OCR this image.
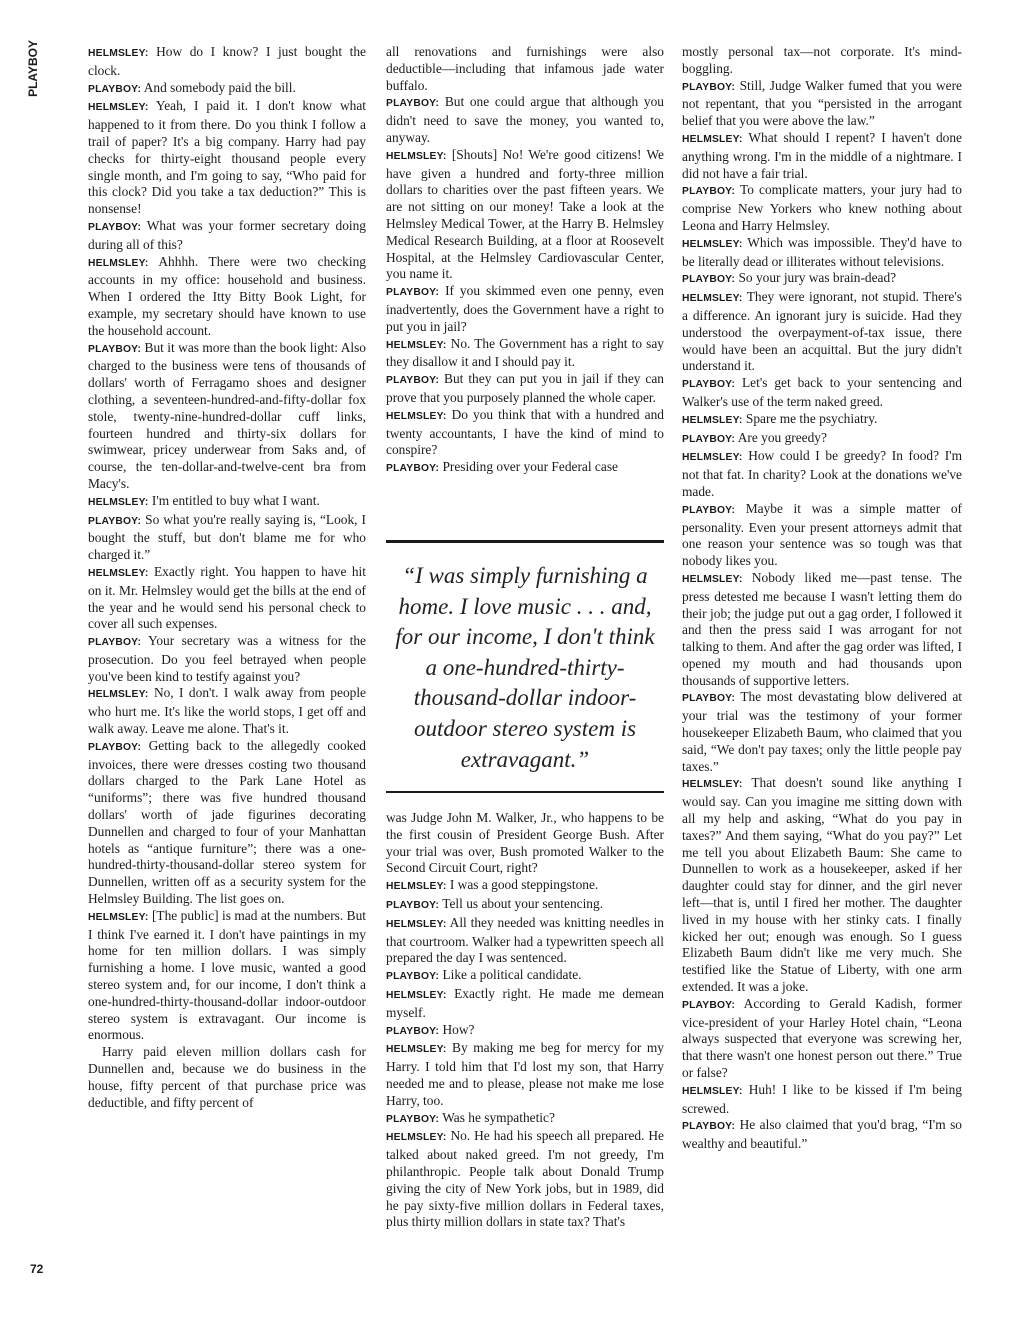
PLAYBOY
72

HELMSLEY: How do I know? I just bought the clock.

PLAYBOY: And somebody paid the bill.

HELMSLEY: Yeah, I paid it. I don't know what happened to it from there. Do you think I follow a trail of paper? It's a big company. Harry had pay checks for thirty-eight thousand people every single month, and I'm going to say, “Who paid for this clock? Did you take a tax deduction?” This is nonsense!

PLAYBOY: What was your former secretary doing during all of this?

HELMSLEY: Ahhhh. There were two checking accounts in my office: household and business. When I ordered the Itty Bitty Book Light, for example, my secretary should have known to use the household account.

PLAYBOY: But it was more than the book light: Also charged to the business were tens of thousands of dollars' worth of Ferragamo shoes and designer clothing, a seventeen-hundred-and-fifty-dollar fox stole, twenty-nine-hundred-dollar cuff links, fourteen hundred and thirty-six dollars for swimwear, pricey underwear from Saks and, of course, the ten-dollar-and-twelve-cent bra from Macy's.

HELMSLEY: I'm entitled to buy what I want.

PLAYBOY: So what you're really saying is, “Look, I bought the stuff, but don't blame me for who charged it.”

HELMSLEY: Exactly right. You happen to have hit on it. Mr. Helmsley would get the bills at the end of the year and he would send his personal check to cover all such expenses.

PLAYBOY: Your secretary was a witness for the prosecution. Do you feel betrayed when people you've been kind to testify against you?

HELMSLEY: No, I don't. I walk away from people who hurt me. It's like the world stops, I get off and walk away. Leave me alone. That's it.

PLAYBOY: Getting back to the allegedly cooked invoices, there were dresses costing two thousand dollars charged to the Park Lane Hotel as “uniforms”; there was five hundred thousand dollars' worth of jade figurines decorating Dunnellen and charged to four of your Manhattan hotels as “antique furniture”; there was a one-hundred-thirty-thousand-dollar stereo system for Dunnellen, written off as a security system for the Helmsley Building. The list goes on.

HELMSLEY: [The public] is mad at the numbers. But I think I've earned it. I don't have paintings in my home for ten million dollars. I was simply furnishing a home. I love music, wanted a good stereo system and, for our income, I don't think a one-hundred-thirty-thousand-dollar indoor-outdoor stereo system is extravagant. Our income is enormous.

Harry paid eleven million dollars cash for Dunnellen and, because we do business in the house, fifty percent of that purchase price was deductible, and fifty percent of

all renovations and furnishings were also deductible—including that infamous jade water buffalo.

PLAYBOY: But one could argue that although you didn't need to save the money, you wanted to, anyway.

HELMSLEY: [Shouts] No! We're good citizens! We have given a hundred and forty-three million dollars to charities over the past fifteen years. We are not sitting on our money! Take a look at the Helmsley Medical Tower, at the Harry B. Helmsley Medical Research Building, at a floor at Roosevelt Hospital, at the Helmsley Cardiovascular Center, you name it.

PLAYBOY: If you skimmed even one penny, even inadvertently, does the Government have a right to put you in jail?

HELMSLEY: No. The Government has a right to say they disallow it and I should pay it.

PLAYBOY: But they can put you in jail if they can prove that you purposely planned the whole caper.

HELMSLEY: Do you think that with a hundred and twenty accountants, I have the kind of mind to conspire?

PLAYBOY: Presiding over your Federal case

“I was simply furnishing a home. I love music . . . and, for our income, I don't think a one-hundred-thirty-thousand-dollar indoor-outdoor stereo system is extravagant.”

was Judge John M. Walker, Jr., who happens to be the first cousin of President George Bush. After your trial was over, Bush promoted Walker to the Second Circuit Court, right?

HELMSLEY: I was a good steppingstone.

PLAYBOY: Tell us about your sentencing.

HELMSLEY: All they needed was knitting needles in that courtroom. Walker had a typewritten speech all prepared the day I was sentenced.

PLAYBOY: Like a political candidate.

HELMSLEY: Exactly right. He made me demean myself.

PLAYBOY: How?

HELMSLEY: By making me beg for mercy for my Harry. I told him that I'd lost my son, that Harry needed me and to please, please not make me lose Harry, too.

PLAYBOY: Was he sympathetic?

HELMSLEY: No. He had his speech all prepared. He talked about naked greed. I'm not greedy, I'm philanthropic. People talk about Donald Trump giving the city of New York jobs, but in 1989, did he pay sixty-five million dollars in Federal taxes, plus thirty million dollars in state tax? That's

mostly personal tax—not corporate. It's mind-boggling.

PLAYBOY: Still, Judge Walker fumed that you were not repentant, that you “persisted in the arrogant belief that you were above the law.”

HELMSLEY: What should I repent? I haven't done anything wrong. I'm in the middle of a nightmare. I did not have a fair trial.

PLAYBOY: To complicate matters, your jury had to comprise New Yorkers who knew nothing about Leona and Harry Helmsley.

HELMSLEY: Which was impossible. They'd have to be literally dead or illiterates without televisions.

PLAYBOY: So your jury was brain-dead?

HELMSLEY: They were ignorant, not stupid. There's a difference. An ignorant jury is suicide. Had they understood the overpayment-of-tax issue, there would have been an acquittal. But the jury didn't understand it.

PLAYBOY: Let's get back to your sentencing and Walker's use of the term naked greed.

HELMSLEY: Spare me the psychiatry.

PLAYBOY: Are you greedy?

HELMSLEY: How could I be greedy? In food? I'm not that fat. In charity? Look at the donations we've made.

PLAYBOY: Maybe it was a simple matter of personality. Even your present attorneys admit that one reason your sentence was so tough was that nobody likes you.

HELMSLEY: Nobody liked me—past tense. The press detested me because I wasn't letting them do their job; the judge put out a gag order, I followed it and then the press said I was arrogant for not talking to them. And after the gag order was lifted, I opened my mouth and had thousands upon thousands of supportive letters.

PLAYBOY: The most devastating blow delivered at your trial was the testimony of your former housekeeper Elizabeth Baum, who claimed that you said, “We don't pay taxes; only the little people pay taxes.”

HELMSLEY: That doesn't sound like anything I would say. Can you imagine me sitting down with all my help and asking, “What do you pay in taxes?” And them saying, “What do you pay?” Let me tell you about Elizabeth Baum: She came to Dunnellen to work as a housekeeper, asked if her daughter could stay for dinner, and the girl never left—that is, until I fired her mother. The daughter lived in my house with her stinky cats. I finally kicked her out; enough was enough. So I guess Elizabeth Baum didn't like me very much. She testified like the Statue of Liberty, with one arm extended. It was a joke.

PLAYBOY: According to Gerald Kadish, former vice-president of your Harley Hotel chain, “Leona always suspected that everyone was screwing her, that there wasn't one honest person out there.” True or false?

HELMSLEY: Huh! I like to be kissed if I'm being screwed.

PLAYBOY: He also claimed that you'd brag, “I'm so wealthy and beautiful.”
